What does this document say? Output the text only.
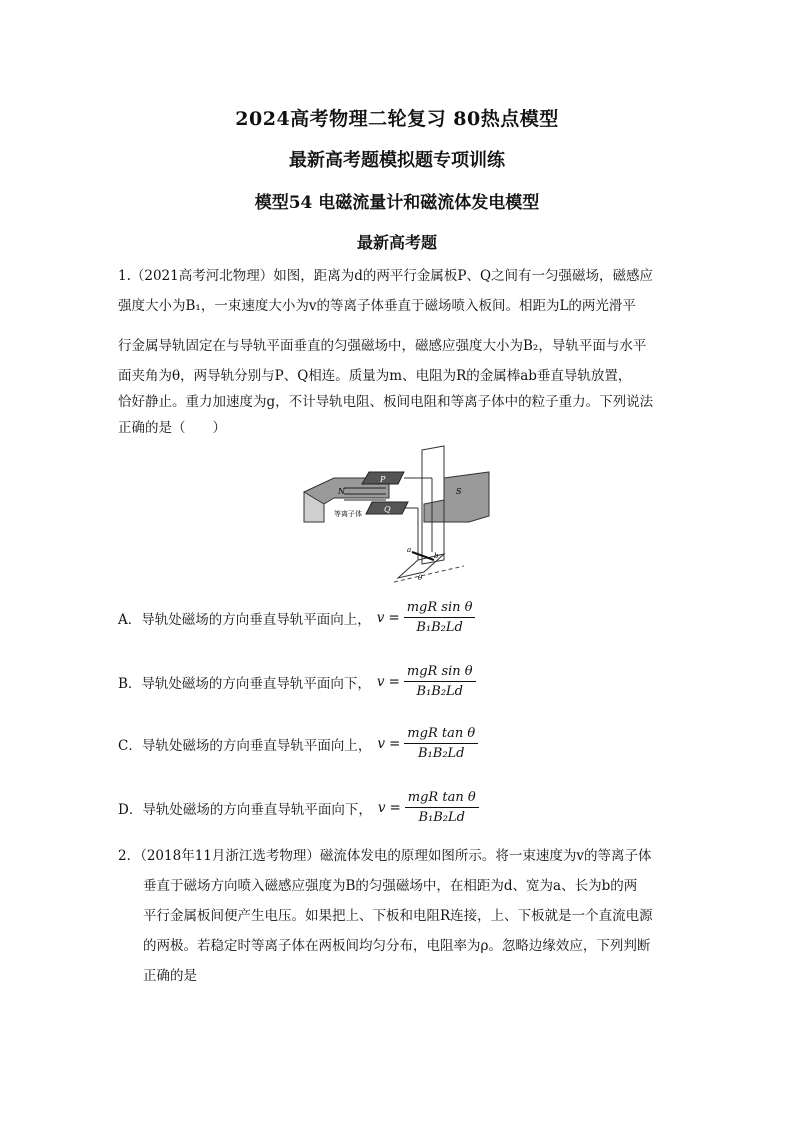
2024高考物理二轮复习 80热点模型
最新高考题模拟题专项训练
模型54 电磁流量计和磁流体发电模型
最新高考题
1.（2021高考河北物理）如图，距离为d的两平行金属板P、Q之间有一匀强磁场，磁感应
强度大小为B₁，一束速度大小为v的等离子体垂直于磁场喷入板间。相距为L的两光滑平
行金属导轨固定在与导轨平面垂直的匀强磁场中，磁感应强度大小为B₂，导轨平面与水平
面夹角为θ，两导轨分别与P、Q相连。质量为m、电阻为R的金属棒ab垂直导轨放置，
恰好静止。重力加速度为g，不计导轨电阻、板间电阻和等离子体中的粒子重力。下列说法
正确的是（　　）
N
P
Q
S
等离子体
a
b
θ
A．导轨处磁场的方向垂直导轨平面向上， $v = \frac{\text{mgR sin θ}}{\text{B₁B₂Ld}}$
B．导轨处磁场的方向垂直导轨平面向下， $v = \frac{\text{mgR sin θ}}{\text{B₁B₂Ld}}$
C．导轨处磁场的方向垂直导轨平面向上， $v = \frac{\text{mgR tan θ}}{\text{B₁B₂Ld}}$
D．导轨处磁场的方向垂直导轨平面向下， $v = \frac{\text{mgR tan θ}}{\text{B₁B₂Ld}}$
2．（2018年11月浙江选考物理）磁流体发电的原理如图所示。将一束速度为v的等离子体
垂直于磁场方向喷入磁感应强度为B的匀强磁场中，在相距为d、宽为a、长为b的两
平行金属板间便产生电压。如果把上、下板和电阻R连接，上、下板就是一个直流电源
的两极。若稳定时等离子体在两板间均匀分布，电阻率为ρ。忽略边缘效应，下列判断
正确的是
